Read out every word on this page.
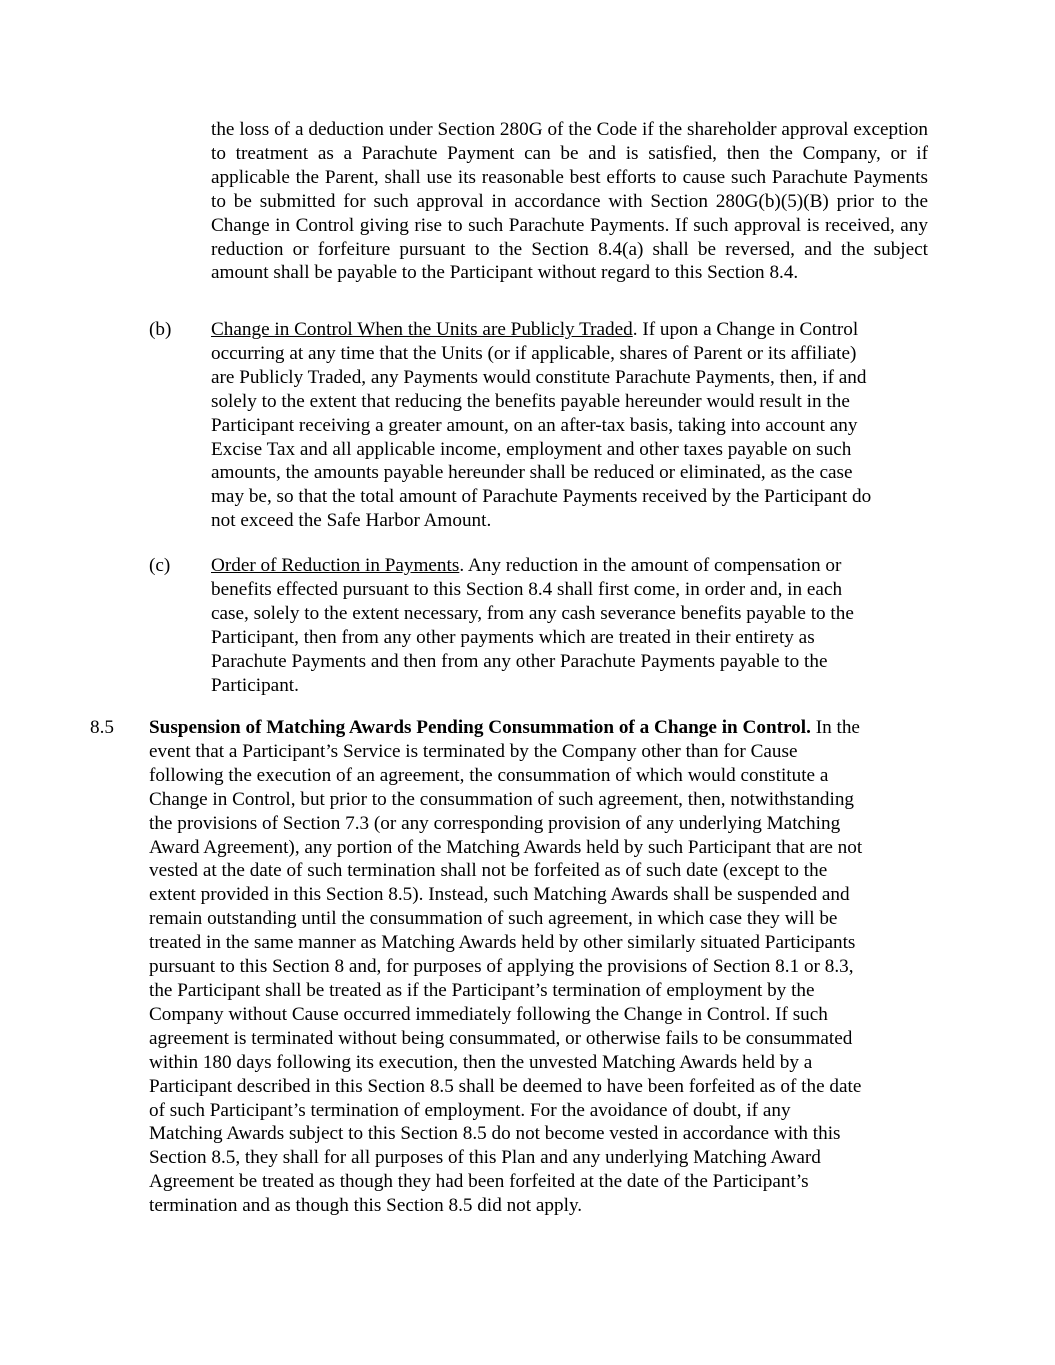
the loss of a deduction under Section 280G of the Code if the shareholder approval exception to treatment as a Parachute Payment can be and is satisfied, then the Company, or if applicable the Parent, shall use its reasonable best efforts to cause such Parachute Payments to be submitted for such approval in accordance with Section 280G(b)(5)(B) prior to the Change in Control giving rise to such Parachute Payments. If such approval is received, any reduction or forfeiture pursuant to the Section 8.4(a) shall be reversed, and the subject amount shall be payable to the Participant without regard to this Section 8.4.
(b) Change in Control When the Units are Publicly Traded. If upon a Change in Control
occurring at any time that the Units (or if applicable, shares of Parent or its affiliate)
are Publicly Traded, any Payments would constitute Parachute Payments, then, if and
solely to the extent that reducing the benefits payable hereunder would result in the
Participant receiving a greater amount, on an after-tax basis, taking into account any
Excise Tax and all applicable income, employment and other taxes payable on such
amounts, the amounts payable hereunder shall be reduced or eliminated, as the case
may be, so that the total amount of Parachute Payments received by the Participant do
not exceed the Safe Harbor Amount.
(c) Order of Reduction in Payments. Any reduction in the amount of compensation or
benefits effected pursuant to this Section 8.4 shall first come, in order and, in each
case, solely to the extent necessary, from any cash severance benefits payable to the
Participant, then from any other payments which are treated in their entirety as
Parachute Payments and then from any other Parachute Payments payable to the
Participant.
8.5 Suspension of Matching Awards Pending Consummation of a Change in Control. In the
event that a Participant’s Service is terminated by the Company other than for Cause
following the execution of an agreement, the consummation of which would constitute a
Change in Control, but prior to the consummation of such agreement, then, notwithstanding
the provisions of Section 7.3 (or any corresponding provision of any underlying Matching
Award Agreement), any portion of the Matching Awards held by such Participant that are not
vested at the date of such termination shall not be forfeited as of such date (except to the
extent provided in this Section 8.5). Instead, such Matching Awards shall be suspended and
remain outstanding until the consummation of such agreement, in which case they will be
treated in the same manner as Matching Awards held by other similarly situated Participants
pursuant to this Section 8 and, for purposes of applying the provisions of Section 8.1 or 8.3,
the Participant shall be treated as if the Participant’s termination of employment by the
Company without Cause occurred immediately following the Change in Control. If such
agreement is terminated without being consummated, or otherwise fails to be consummated
within 180 days following its execution, then the unvested Matching Awards held by a
Participant described in this Section 8.5 shall be deemed to have been forfeited as of the date
of such Participant’s termination of employment. For the avoidance of doubt, if any
Matching Awards subject to this Section 8.5 do not become vested in accordance with this
Section 8.5, they shall for all purposes of this Plan and any underlying Matching Award
Agreement be treated as though they had been forfeited at the date of the Participant’s
termination and as though this Section 8.5 did not apply.
